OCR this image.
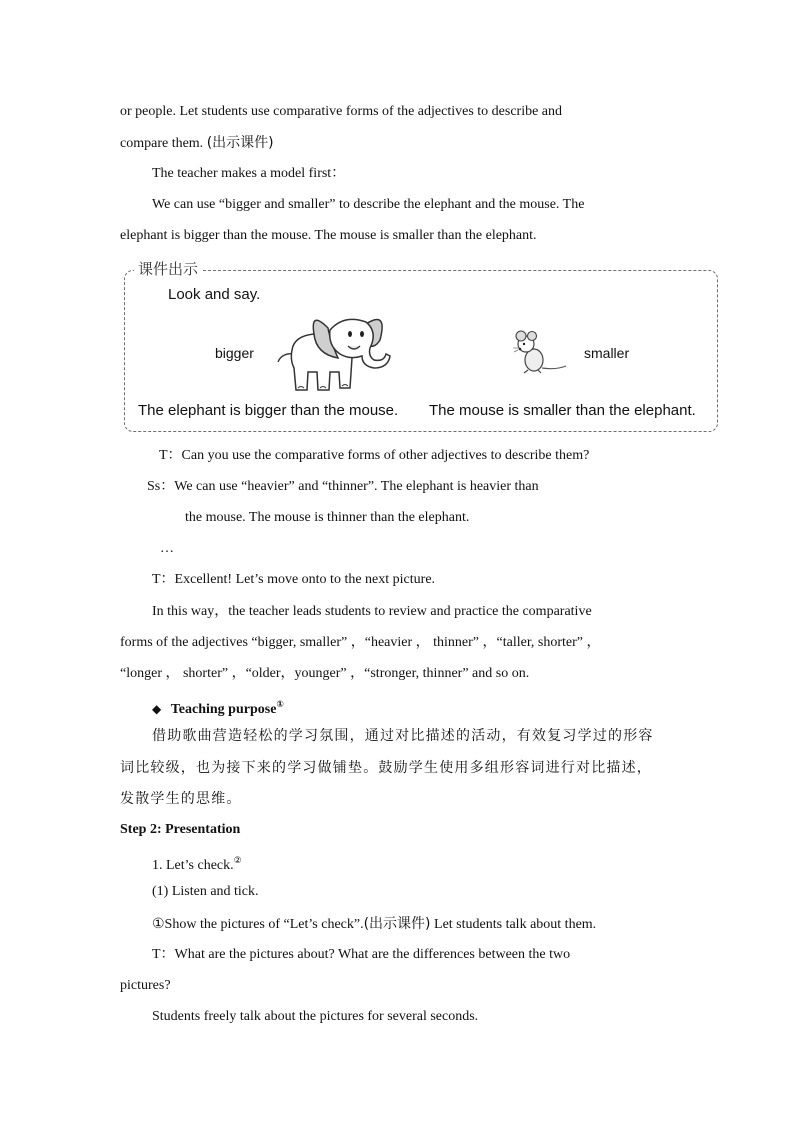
or people. Let students use comparative forms of the adjectives to describe and
compare them. (出示课件)
The teacher makes a model first：
We can use “bigger and smaller” to describe the elephant and the mouse. The
elephant is bigger than the mouse. The mouse is smaller than the elephant.
课件出示
Look and say.
bigger	smaller
The elephant is bigger than the mouse. The mouse is smaller than the elephant.
T：Can you use the comparative forms of other adjectives to describe them?
Ss：We can use “heavier” and “thinner”. The elephant is heavier than
the mouse. The mouse is thinner than the elephant.
…
T：Excellent! Let’s move onto to the next picture.
In this way，the teacher leads students to review and practice the comparative
forms of the adjectives “bigger, smaller” ，“heavier ， thinner” ，“taller, shorter” ，
“longer ， shorter” ，“older，younger” ，“stronger, thinner” and so on.
◆ Teaching purpose①
借助歌曲营造轻松的学习氛围，通过对比描述的活动，有效复习学过的形容
词比较级，也为接下来的学习做铺垫。鼓励学生使用多组形容词进行对比描述，
发散学生的思维。
Step 2: Presentation
1. Let’s check.②
(1) Listen and tick.
①Show the pictures of “Let’s check”.(出示课件) Let students talk about them.
T：What are the pictures about? What are the differences between the two
pictures?
Students freely talk about the pictures for several seconds.
